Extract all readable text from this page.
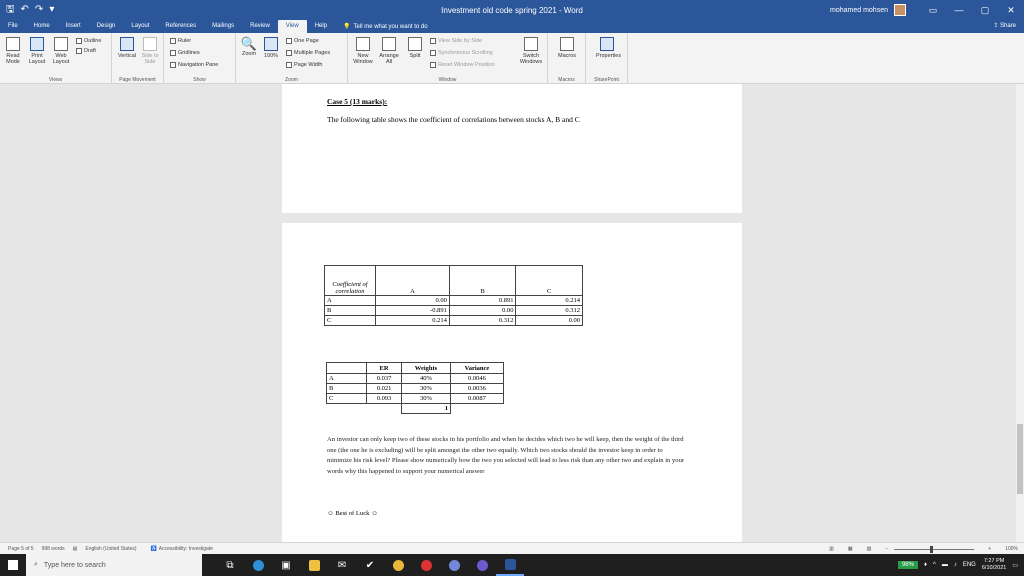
🖫 ↶ ↷ ▾	Investment old code spring 2021 - Word	mohamed mohsen	▭	—	▢	✕
File	Home	Insert	Design	Layout	References	Mailings	Review	View	Help	💡 Tell me what you want to do	⇪ Share
Read Mode
Print Layout
Web Layout
Outline
Draft
Views
Vertical Side to Side
Page Movement
Ruler
Gridlines
Navigation Pane
Show
🔍
Zoom	100%
One Page
Multiple Pages
Page Width
Zoom
New Window
Arrange All
Split
View Side by Side
Synchronous Scrolling
Reset Window Position
Switch Windows
Window
Macros
Macros
Properties
SharePoint
Case 5 (13 marks):
The following table shows the coefficient of correlations between stocks A, B and C
Coefficient of correlation	A	B	C
A	0.00	0.891	0.214
B	-0.891	0.00	0.312
C	0.214	0.312	0.00
	ER	Weights	Variance
A	0.037	40%	0.0046
B	0.021	30%	0.0036
C	0.093	30%	0.0087
		1	
An investor can only keep two of these stocks in his portfolio and when he decides which two he will keep, then the weight of the third one (the one he is excluding) will be split amongst the other two equally. Which two stocks should the investor keep in order to minimize his risk level? Please show numerically how the two you selected will lead to less risk than any other two and explain in your words why this happened to support your numerical answer
☺ Best of Luck ☺
Page 5 of 5 998 words ▤ English (United States)	♿ Accessibility: Investigate	▥	▦	▧	−	+	100%
⌕ Type here to search	⧉	▣	✉	✔	98%	♦ ^ ▬ ♪ ENG
7:27 PM
6/10/2021 ▭
